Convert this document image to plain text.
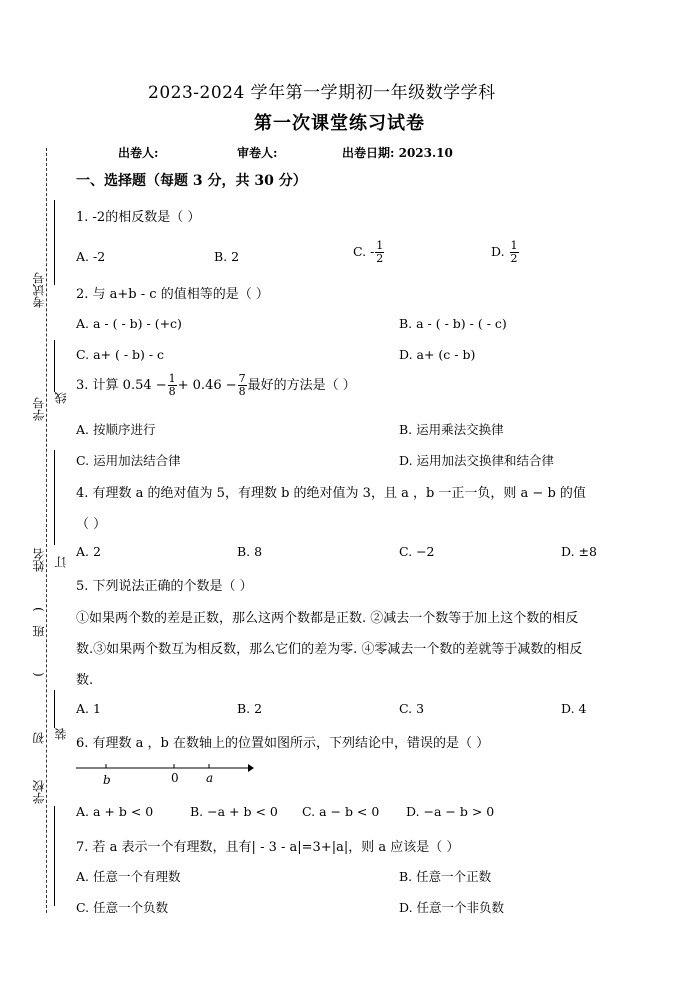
2023-2024 学年第一学期初一年级数学学科
第一次课堂练习试卷
出卷人:	审卷人:	出卷日期: 2023.10
考试号
学号 线
姓名 订
班
)
(
初 装
学校
一、选择题（每题 3 分，共 30 分）
1. -2的相反数是（ ）
A. -2	B. 2	C. - $\frac{1}{2}$	D. $\frac{1}{2}$
2. 与 a+b - c 的值相等的是（ ）
A. a - ( - b) - (+c)	B. a - ( - b) - ( - c)
C. a+ ( - b) - c	D. a+ (c - b)
3. 计算 $0.54 - \frac{1}{8} + 0.46 - \frac{7}{8}$ 最好的方法是（ ）
A. 按顺序进行	B. 运用乘法交换律
C. 运用加法结合律	D. 运用加法交换律和结合律
4. 有理数 a 的绝对值为 5，有理数 b 的绝对值为 3，且 a ，b 一正一负，则 a − b 的值
（ ）
A. 2	B. 8	C. −2	D. ±8
5. 下列说法正确的个数是（ ）
①如果两个数的差是正数，那么这两个数都是正数. ②减去一个数等于加上这个数的相反
数.③如果两个数互为相反数，那么它们的差为零. ④零减去一个数的差就等于减数的相反
数.
A. 1	B. 2	C. 3	D. 4
6. 有理数 a ，b 在数轴上的位置如图所示，下列结论中，错误的是（ ）
b	0 a
A. a + b < 0	B. −a + b < 0 C. a − b < 0 D. −a − b > 0
7. 若 a 表示一个有理数，且有| - 3 - a|=3+|a|，则 a 应该是（ ）
A. 任意一个有理数	B. 任意一个正数
C. 任意一个负数	D. 任意一个非负数
